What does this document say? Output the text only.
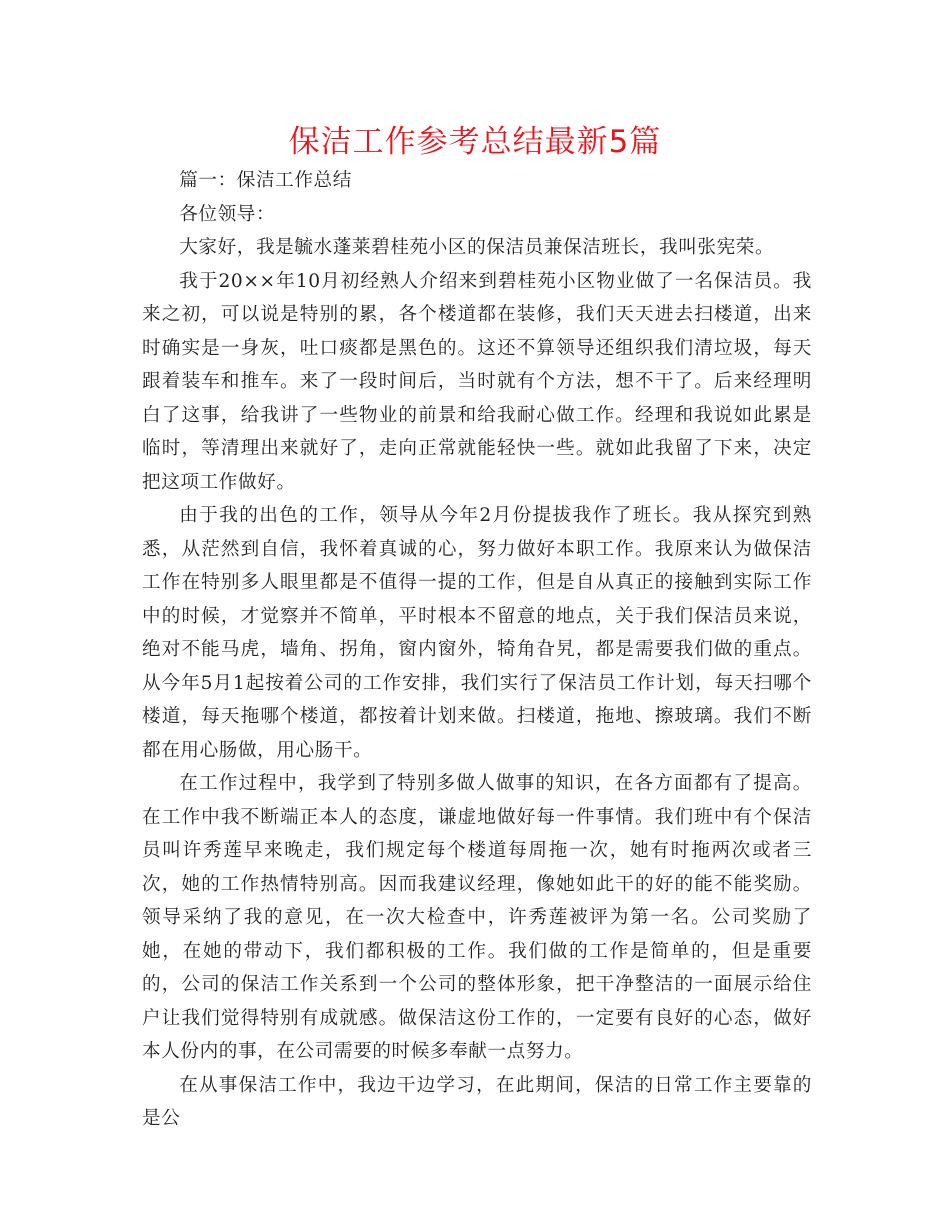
保洁工作参考总结最新5篇

篇一：保洁工作总结

各位领导：

大家好，我是毓水蓬莱碧桂苑小区的保洁员兼保洁班长，我叫张宪荣。

我于20××年10月初经熟人介绍来到碧桂苑小区物业做了一名保洁员。我来之初，可以说是特别的累，各个楼道都在装修，我们天天进去扫楼道，出来时确实是一身灰，吐口痰都是黑色的。这还不算领导还组织我们清垃圾，每天跟着装车和推车。来了一段时间后，当时就有个方法，想不干了。后来经理明白了这事，给我讲了一些物业的前景和给我耐心做工作。经理和我说如此累是临时，等清理出来就好了，走向正常就能轻快一些。就如此我留了下来，决定把这项工作做好。

由于我的出色的工作，领导从今年2月份提拔我作了班长。我从探究到熟悉，从茫然到自信，我怀着真诚的心，努力做好本职工作。我原来认为做保洁工作在特别多人眼里都是不值得一提的工作，但是自从真正的接触到实际工作中的时候，才觉察并不简单，平时根本不留意的地点，关于我们保洁员来说，绝对不能马虎，墙角、拐角，窗内窗外，犄角旮旯，都是需要我们做的重点。从今年5月1起按着公司的工作安排，我们实行了保洁员工作计划，每天扫哪个楼道，每天拖哪个楼道，都按着计划来做。扫楼道，拖地、擦玻璃。我们不断都在用心肠做，用心肠干。

在工作过程中，我学到了特别多做人做事的知识，在各方面都有了提高。在工作中我不断端正本人的态度，谦虚地做好每一件事情。我们班中有个保洁员叫许秀莲早来晚走，我们规定每个楼道每周拖一次，她有时拖两次或者三次，她的工作热情特别高。因而我建议经理，像她如此干的好的能不能奖励。领导采纳了我的意见，在一次大检查中，许秀莲被评为第一名。公司奖励了她，在她的带动下，我们都积极的工作。我们做的工作是简单的，但是重要的，公司的保洁工作关系到一个公司的整体形象，把干净整洁的一面展示给住户让我们觉得特别有成就感。做保洁这份工作的，一定要有良好的心态，做好本人份内的事，在公司需要的时候多奉献一点努力。

在从事保洁工作中，我边干边学习，在此期间，保洁的日常工作主要靠的是公
